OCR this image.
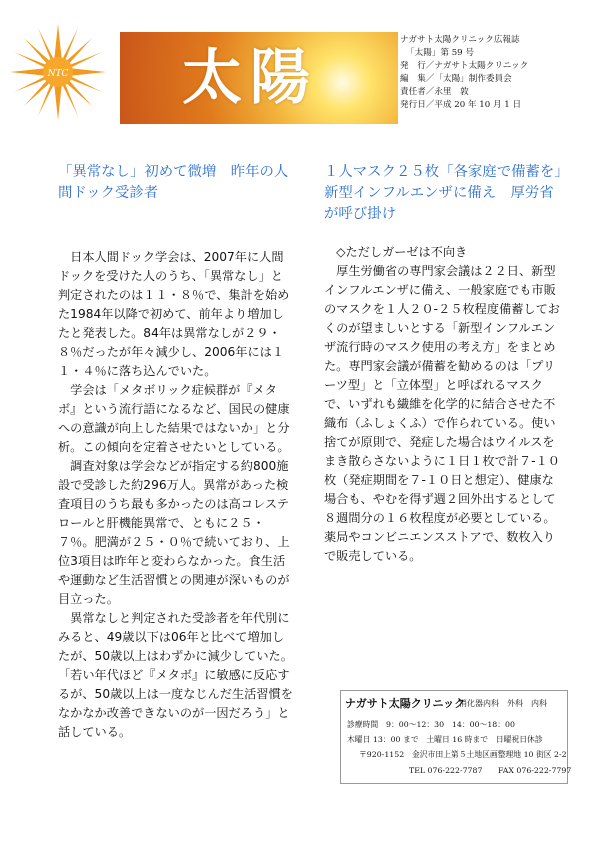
NTC 太陽
ナガサト太陽クリニック広報誌
「太陽」第 59 号
発　行／ナガサト太陽クリニック
編　集／「太陽」制作委員会
責任者／永里　敦
発行日／平成 20 年 10 月 1 日
「異常なし」初めて微増　昨年の人間ドック受診者

　日本人間ドック学会は、2007年に人間ドックを受けた人のうち、「異常なし」と判定されたのは１１・８％で、集計を始めた1984年以降で初めて、前年より増加したと発表した。84年は異常なしが２９・８％だったが年々減少し、2006年には１１・４％に落ち込んでいた。

　学会は「メタボリック症候群が『メタボ』という流行語になるなど、国民の健康への意識が向上した結果ではないか」と分析。この傾向を定着させたいとしている。

　調査対象は学会などが指定する約800施設で受診した約296万人。異常があった検査項目のうち最も多かったのは高コレステロールと肝機能異常で、ともに２５・７％。肥満が２５・０％で続いており、上位3項目は昨年と変わらなかった。食生活や運動など生活習慣との関連が深いものが目立った。

　異常なしと判定された受診者を年代別にみると、49歳以下は06年と比べて増加したが、50歳以上はわずかに減少していた。「若い年代ほど『メタボ』に敏感に反応するが、50歳以上は一度なじんだ生活習慣をなかなか改善できないのが一因だろう」と話している。

１人マスク２５枚「各家庭で備蓄を」新型インフルエンザに備え　厚労省が呼び掛け

　◇ただしガーゼは不向き

　厚生労働省の専門家会議は２２日、新型インフルエンザに備え、一般家庭でも市販のマスクを１人２０-２５枚程度備蓄しておくのが望ましいとする「新型インフルエンザ流行時のマスク使用の考え方」をまとめた。専門家会議が備蓄を勧めるのは「プリーツ型」と「立体型」と呼ばれるマスクで、いずれも繊維を化学的に結合させた不織布（ふしょくふ）で作られている。使い捨てが原則で、発症した場合はウイルスをまき散らさないように１日１枚で計７-１０枚（発症期間を７-１０日と想定）、健康な場合も、やむを得ず週２回外出するとして８週間分の１６枚程度が必要としている。薬局やコンビニエンスストアで、数枚入りで販売している。

ナガサト太陽クリニック
消化器内科　外科　内科
診療時間　9：00～12：30　14：00～18：00
木曜日 13：00 まで　土曜日 16 時まで　日曜祝日休診
〒920-1152　金沢市田上第５土地区画整理地 10 街区 2-2
TEL 076-222-7787　　FAX 076-222-7797
